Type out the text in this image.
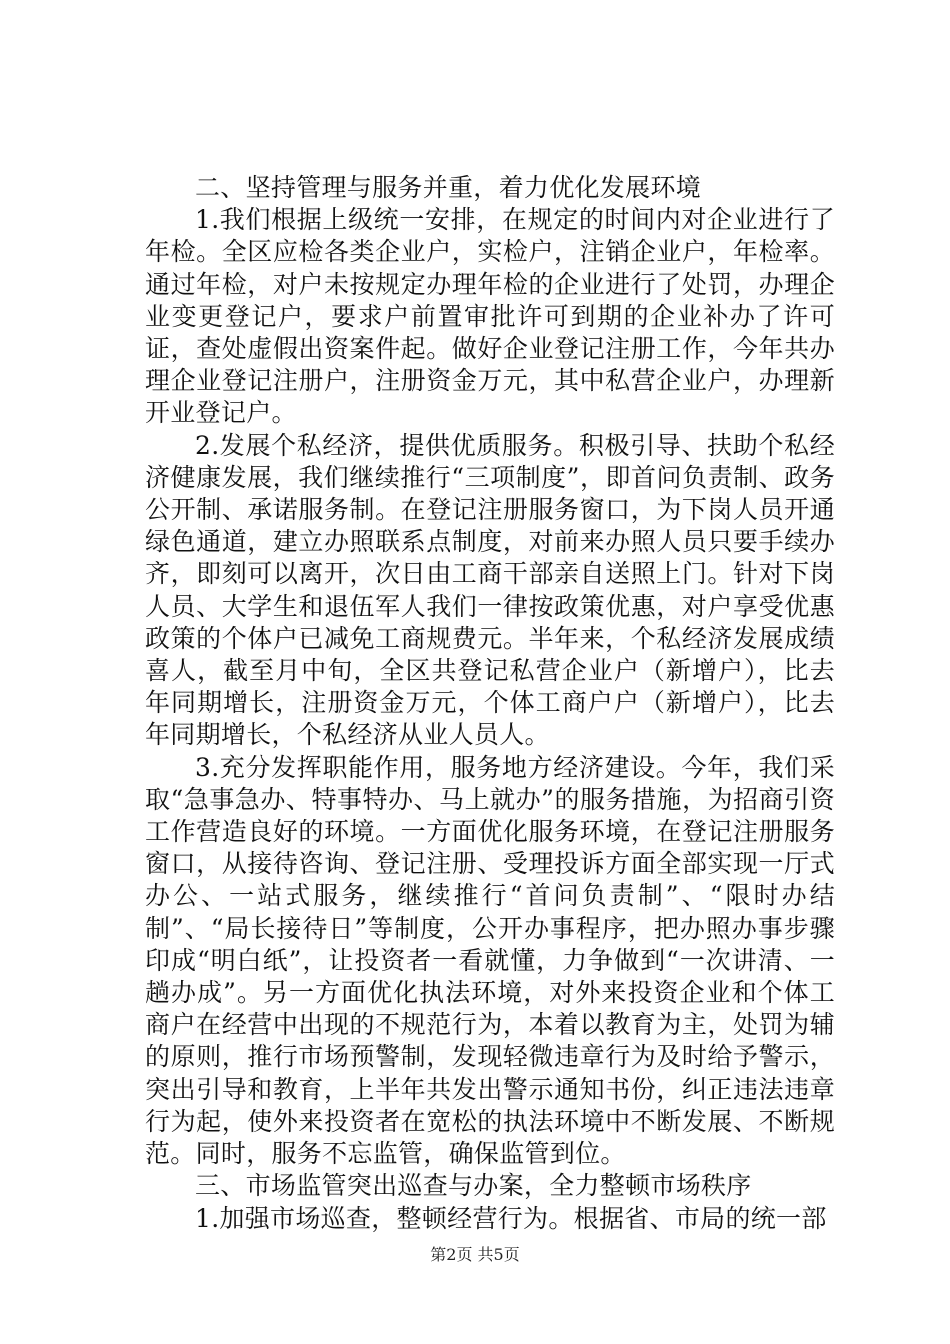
二、坚持管理与服务并重，着力优化发展环境

1.我们根据上级统一安排，在规定的时间内对企业进行了年检。全区应检各类企业户，实检户，注销企业户，年检率。通过年检，对户未按规定办理年检的企业进行了处罚，办理企业变更登记户，要求户前置审批许可到期的企业补办了许可证，查处虚假出资案件起。做好企业登记注册工作，今年共办理企业登记注册户，注册资金万元，其中私营企业户，办理新开业登记户。

2.发展个私经济，提供优质服务。积极引导、扶助个私经济健康发展，我们继续推行“三项制度”，即首问负责制、政务公开制、承诺服务制。在登记注册服务窗口，为下岗人员开通绿色通道，建立办照联系点制度，对前来办照人员只要手续办齐，即刻可以离开，次日由工商干部亲自送照上门。针对下岗人员、大学生和退伍军人我们一律按政策优惠，对户享受优惠政策的个体户已减免工商规费元。半年来，个私经济发展成绩喜人，截至月中旬，全区共登记私营企业户（新增户），比去年同期增长，注册资金万元，个体工商户户（新增户），比去年同期增长，个私经济从业人员人。

3.充分发挥职能作用，服务地方经济建设。今年，我们采取“急事急办、特事特办、马上就办”的服务措施，为招商引资工作营造良好的环境。一方面优化服务环境，在登记注册服务窗口，从接待咨询、登记注册、受理投诉方面全部实现一厅式办公、一站式服务，继续推行“首问负责制”、“限时办结制”、“局长接待日”等制度，公开办事程序，把办照办事步骤印成“明白纸”，让投资者一看就懂，力争做到“一次讲清、一趟办成”。另一方面优化执法环境，对外来投资企业和个体工商户在经营中出现的不规范行为，本着以教育为主，处罚为辅的原则，推行市场预警制，发现轻微违章行为及时给予警示，突出引导和教育，上半年共发出警示通知书份，纠正违法违章行为起，使外来投资者在宽松的执法环境中不断发展、不断规范。同时，服务不忘监管，确保监管到位。

三、市场监管突出巡查与办案，全力整顿市场秩序

1.加强市场巡查，整顿经营行为。根据省、市局的统一部

第2页 共5页
